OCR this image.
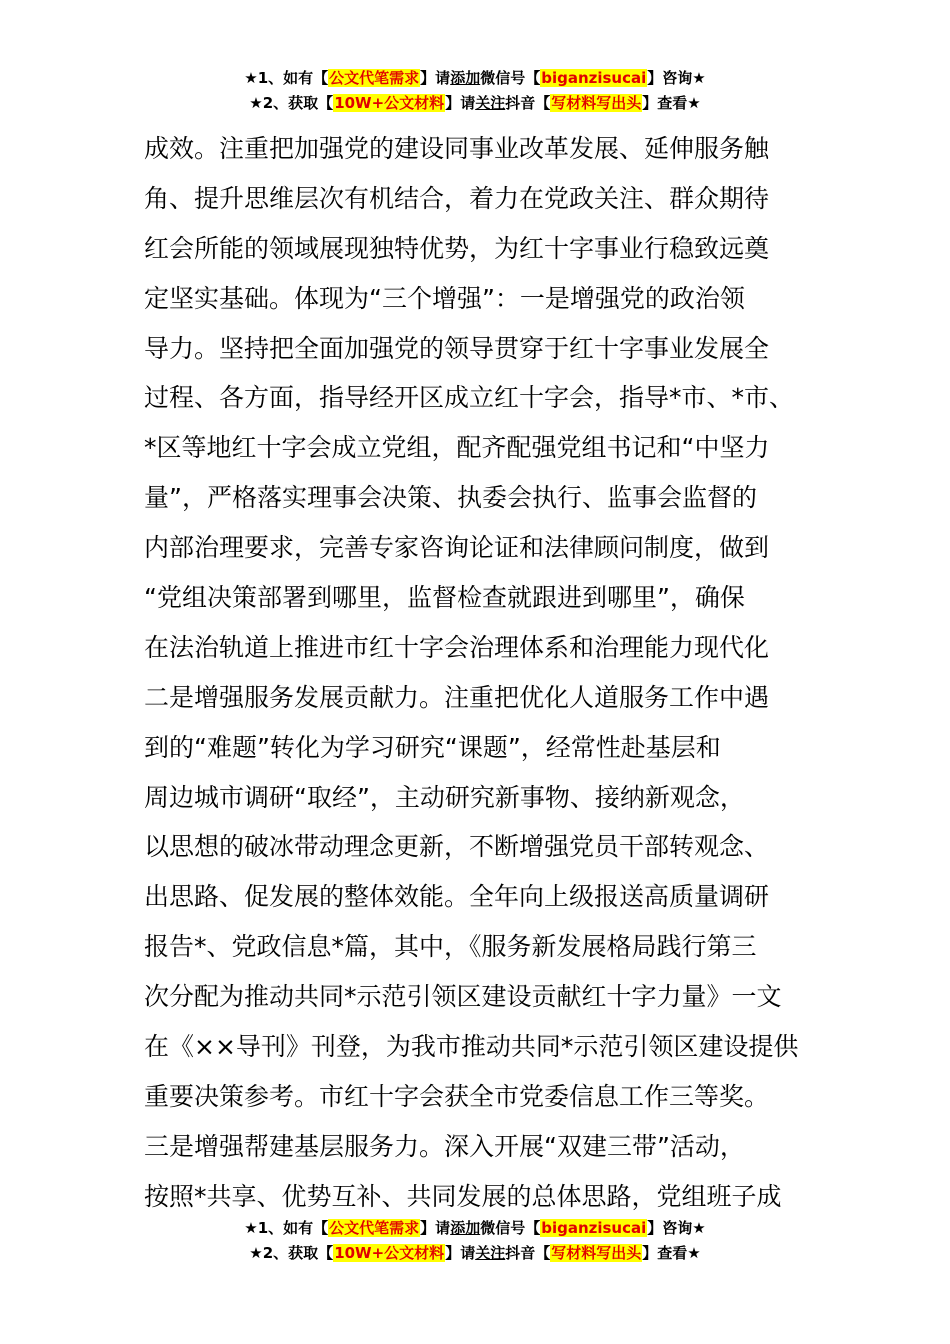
★1、如有【公文代笔需求】请添加微信号【biganzisucai】咨询★
★2、获取【10W+公文材料】请关注抖音【写材料写出头】查看★
成效。注重把加强党的建设同事业改革发展、延伸服务触
角、提升思维层次有机结合，着力在党政关注、群众期待
红会所能的领域展现独特优势，为红十字事业行稳致远奠
定坚实基础。体现为“三个增强”：一是增强党的政治领
导力。坚持把全面加强党的领导贯穿于红十字事业发展全
过程、各方面，指导经开区成立红十字会，指导*市、*市、
*区等地红十字会成立党组，配齐配强党组书记和“中坚力
量”，严格落实理事会决策、执委会执行、监事会监督的
内部治理要求，完善专家咨询论证和法律顾问制度，做到
“党组决策部署到哪里，监督检查就跟进到哪里”，确保
在法治轨道上推进市红十字会治理体系和治理能力现代化
二是增强服务发展贡献力。注重把优化人道服务工作中遇
到的“难题”转化为学习研究“课题”，经常性赴基层和
周边城市调研“取经”，主动研究新事物、接纳新观念，
以思想的破冰带动理念更新，不断增强党员干部转观念、
出思路、促发展的整体效能。全年向上级报送高质量调研
报告*、党政信息*篇，其中，《服务新发展格局践行第三
次分配为推动共同*示范引领区建设贡献红十字力量》一文
在《××导刊》刊登，为我市推动共同*示范引领区建设提供
重要决策参考。市红十字会获全市党委信息工作三等奖。
三是增强帮建基层服务力。深入开展“双建三带”活动，
按照*共享、优势互补、共同发展的总体思路，党组班子成
★1、如有【公文代笔需求】请添加微信号【biganzisucai】咨询★
★2、获取【10W+公文材料】请关注抖音【写材料写出头】查看★
